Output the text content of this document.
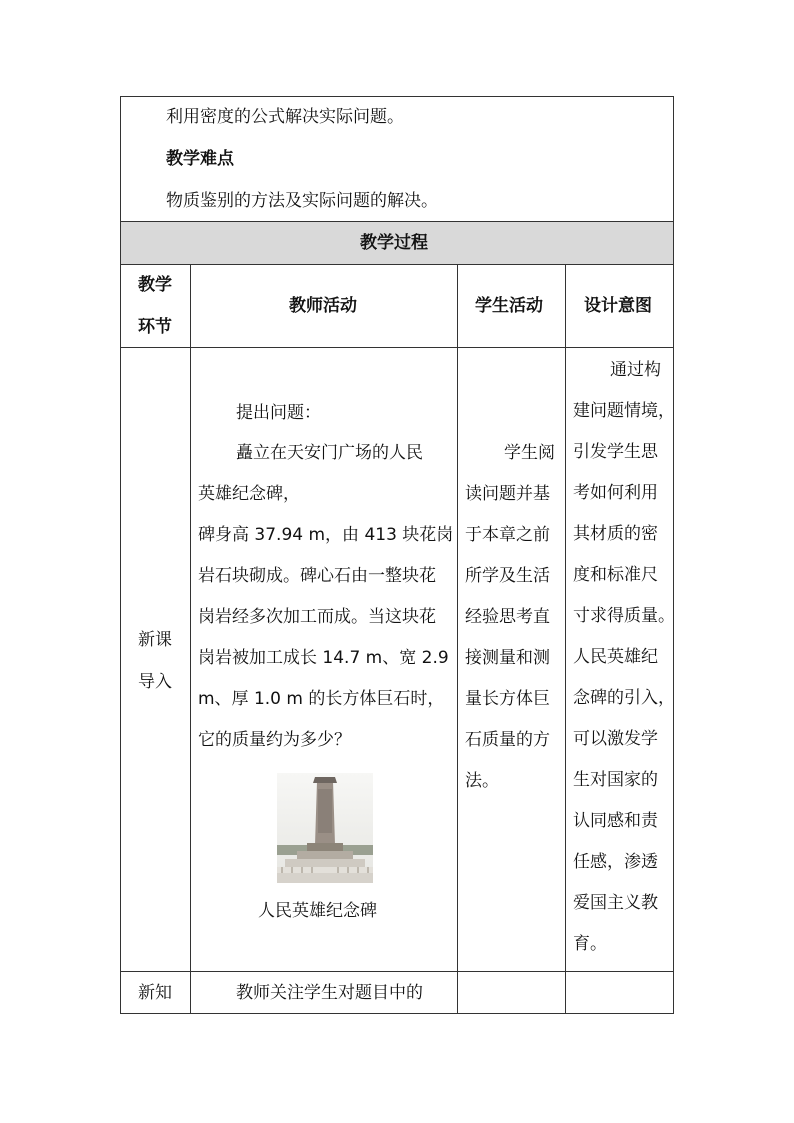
利用密度的公式解决实际问题。
教学难点
物质鉴别的方法及实际问题的解决。
教学过程
教学
环节
教师活动	学生活动 设计意图
新课
导入
提出问题：
矗立在天安门广场的人民
英雄纪念碑，
碑身高 37.94 m，由 413 块花岗
岩石块砌成。碑心石由一整块花
岗岩经多次加工而成。当这块花
岗岩被加工成长 14.7 m、宽 2.9
m、厚 1.0 m 的长方体巨石时，
它的质量约为多少？
人民英雄纪念碑
学生阅
读问题并基
于本章之前
所学及生活
经验思考直
接测量和测
量长方体巨
石质量的方
法。
通过构
建问题情境，
引发学生思
考如何利用
其材质的密
度和标准尺
寸求得质量。
人民英雄纪
念碑的引入，
可以激发学
生对国家的
认同感和责
任感，渗透
爱国主义教
育。
新知	教师关注学生对题目中的
